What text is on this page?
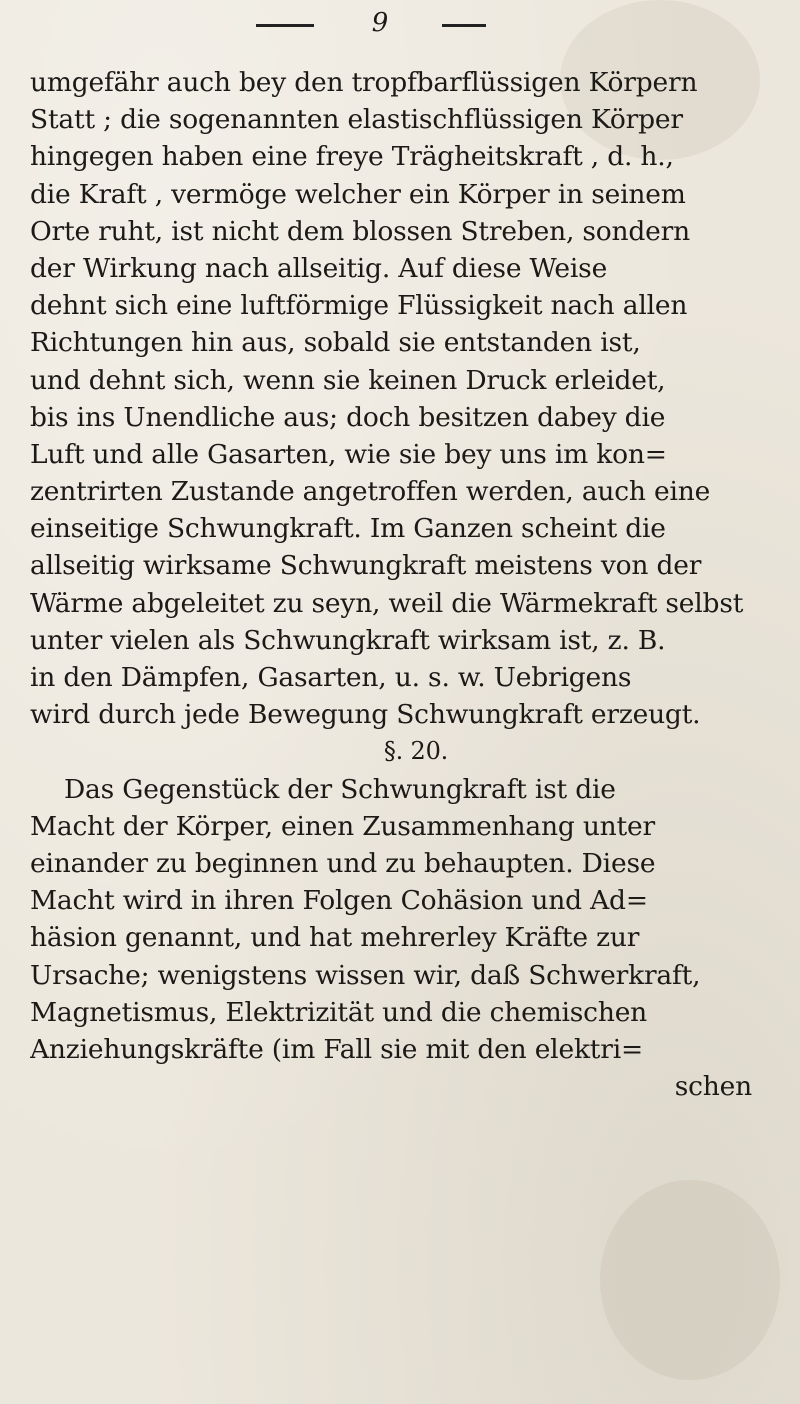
9
umgefähr auch bey den tropfbarflüssigen Körpern
Statt ; die sogenannten elastischflüssigen Körper
hingegen haben eine freye Trägheitskraft , d. h.,
die Kraft , vermöge welcher ein Körper in seinem
Orte ruht, ist nicht dem blossen Streben, sondern
der Wirkung nach allseitig. Auf diese Weise
dehnt sich eine luftförmige Flüssigkeit nach allen
Richtungen hin aus, sobald sie entstanden ist,
und dehnt sich, wenn sie keinen Druck erleidet,
bis ins Unendliche aus; doch besitzen dabey die
Luft und alle Gasarten, wie sie bey uns im kon=
zentrirten Zustande angetroffen werden, auch eine
einseitige Schwungkraft. Im Ganzen scheint die
allseitig wirksame Schwungkraft meistens von der
Wärme abgeleitet zu seyn, weil die Wärmekraft selbst
unter vielen als Schwungkraft wirksam ist, z. B.
in den Dämpfen, Gasarten, u. s. w. Uebrigens
wird durch jede Bewegung Schwungkraft erzeugt.
§. 20.
Das Gegenstück der Schwungkraft ist die
Macht der Körper, einen Zusammenhang unter
einander zu beginnen und zu behaupten. Diese
Macht wird in ihren Folgen Cohäsion und Ad=
häsion genannt, und hat mehrerley Kräfte zur
Ursache; wenigstens wissen wir, daß Schwerkraft,
Magnetismus, Elektrizität und die chemischen
Anziehungskräfte (im Fall sie mit den elektri=
schen
